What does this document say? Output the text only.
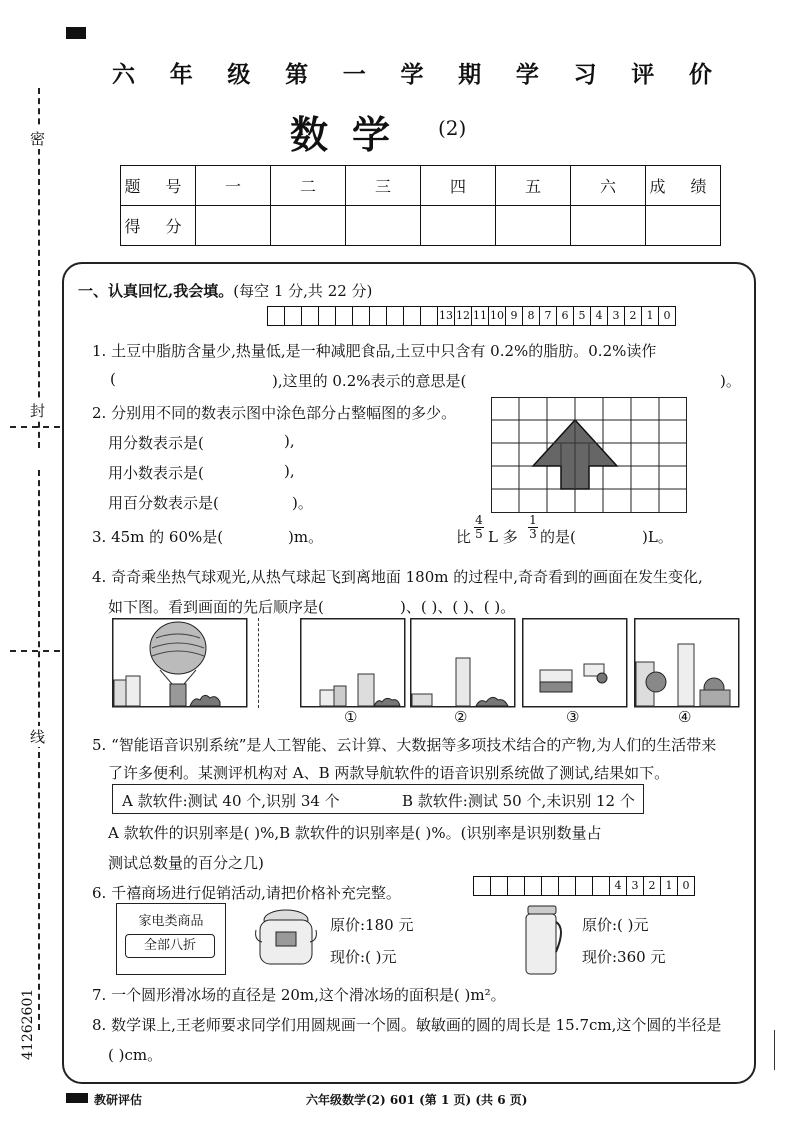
密
封
线
41262601
六 年 级 第 一 学 期 学 习 评 价
数学 (2)
题 号	一	二	三	四	五	六	成 绩
得 分							
一、认真回忆,我会填。(每空 1 分,共 22 分)
13 12 11 10 9 8 7 6 5 4 3 2 1 0
1. 土豆中脂肪含量少,热量低,是一种减肥食品,土豆中只含有 0.2%的脂肪。0.2%读作
(	),这里的 0.2%表示的意思是(	)。
2. 分别用不同的数表示图中涂色部分占整幅图的多少。
用分数表示是(	),
用小数表示是(	),
用百分数表示是(	)。
3. 45m 的 60%是(	)m。	比 $\frac{4}{5}$ L 多 $\frac{1}{3}$ 的是(	)L。
4. 奇奇乘坐热气球观光,从热气球起飞到离地面 180m 的过程中,奇奇看到的画面在发生变化,
如下图。看到画面的先后顺序是(	)、( )、( )、( )。
①	②	③	④
5. “智能语音识别系统”是人工智能、云计算、大数据等多项技术结合的产物,为人们的生活带来
了许多便利。某测评机构对 A、B 两款导航软件的语音识别系统做了测试,结果如下。
A 款软件:测试 40 个,识别 34 个	B 款软件:测试 50 个,未识别 12 个
A 款软件的识别率是( )%,B 款软件的识别率是( )%。(识别率是识别数量占
测试总数量的百分之几)
6. 千禧商场进行促销活动,请把价格补充完整。	4 3 2 1 0
家电类商品
全部八折
原价:180 元
现价:( )元
原价:( )元
现价:360 元
7. 一个圆形滑冰场的直径是 20m,这个滑冰场的面积是( )m²。
8. 数学课上,王老师要求同学们用圆规画一个圆。敏敏画的圆的周长是 15.7cm,这个圆的半径是
( )cm。
教研评估	六年级数学(2) 601 (第 1 页) (共 6 页)
